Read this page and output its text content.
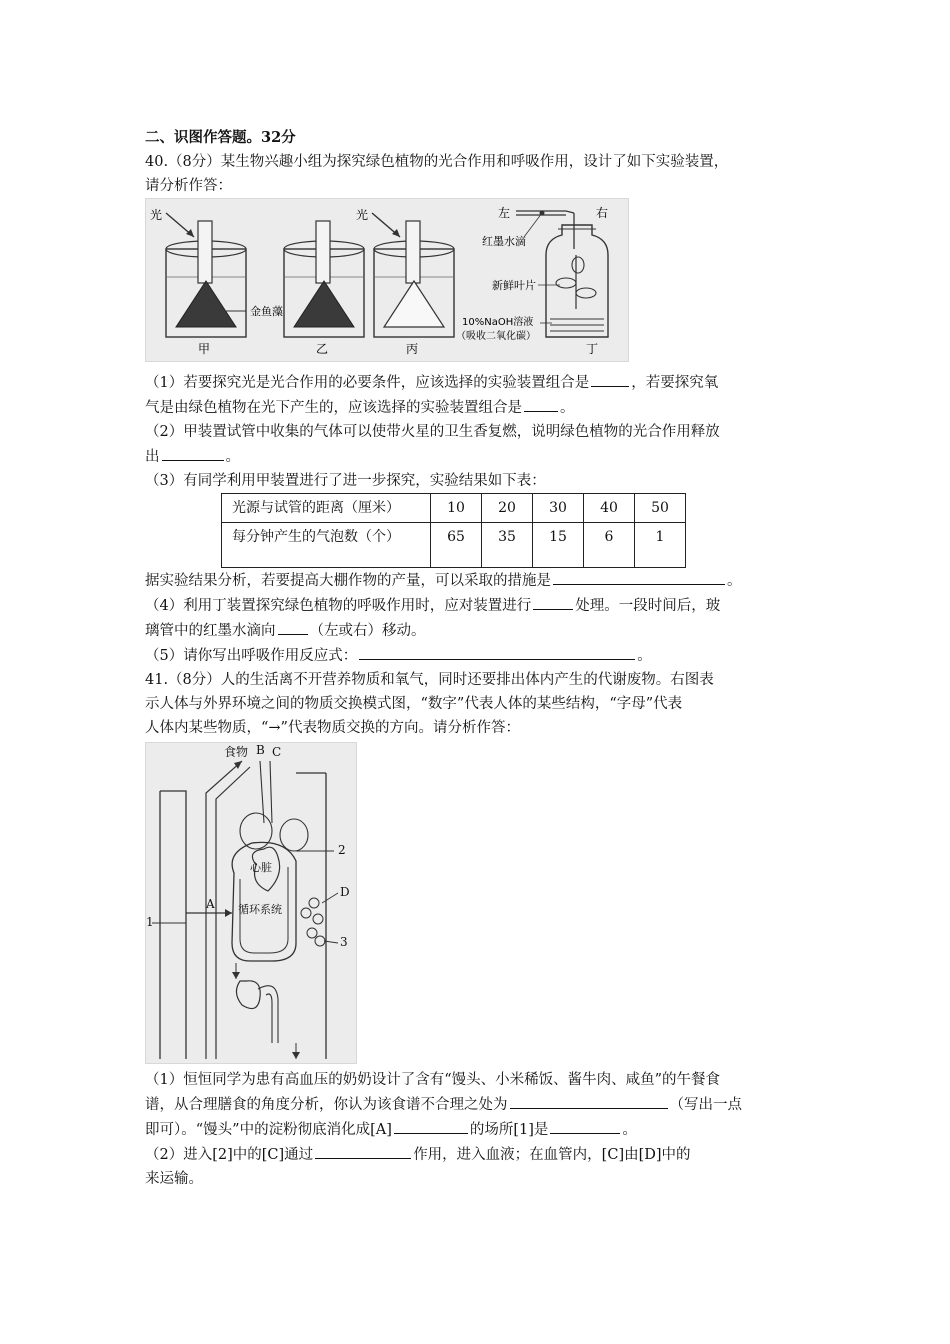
二、识图作答题。32分
40.（8分）某生物兴趣小组为探究绿色植物的光合作用和呼吸作用，设计了如下实验装置，
请分析作答：
光
甲
金鱼藻
乙
光
丙
左	右
红墨水滴
新鲜叶片
10%NaOH溶液
（吸收二氧化碳）
丁
（1）若要探究光是光合作用的必要条件，应该选择的实验装置组合是	，若要探究氧
气是由绿色植物在光下产生的，应该选择的实验装置组合是	。
（2）甲装置试管中收集的气体可以使带火星的卫生香复燃，说明绿色植物的光合作用释放
出	。
（3）有同学利用甲装置进行了进一步探究，实验结果如下表：
光源与试管的距离（厘米）	10	20	30	40	50
每分钟产生的气泡数（个）	65	35	15	6	1
据实验结果分析，若要提高大棚作物的产量，可以采取的措施是	。
（4）利用丁装置探究绿色植物的呼吸作用时，应对装置进行	处理。一段时间后，玻
璃管中的红墨水滴向 （左或右）移动。
（5）请你写出呼吸作用反应式：	。
41.（8分）人的生活离不开营养物质和氧气，同时还要排出体内产生的代谢废物。右图表
示人体与外界环境之间的物质交换模式图，“数字”代表人体的某些结构，“字母”代表
人体内某些物质，“→”代表物质交换的方向。请分析作答：
食物 B C
心脏
循环系统
A
D
1
2
3
（1）恒恒同学为患有高血压的奶奶设计了含有“馒头、小米稀饭、酱牛肉、咸鱼”的午餐食
谱，从合理膳食的角度分析，你认为该食谱不合理之处为	（写出一点
即可）。“馒头”中的淀粉彻底消化成[A]	的场所[1]是	。
（2）进入[2]中的[C]通过	作用，进入血液；在血管内，[C]由[D]中的
来运输。
